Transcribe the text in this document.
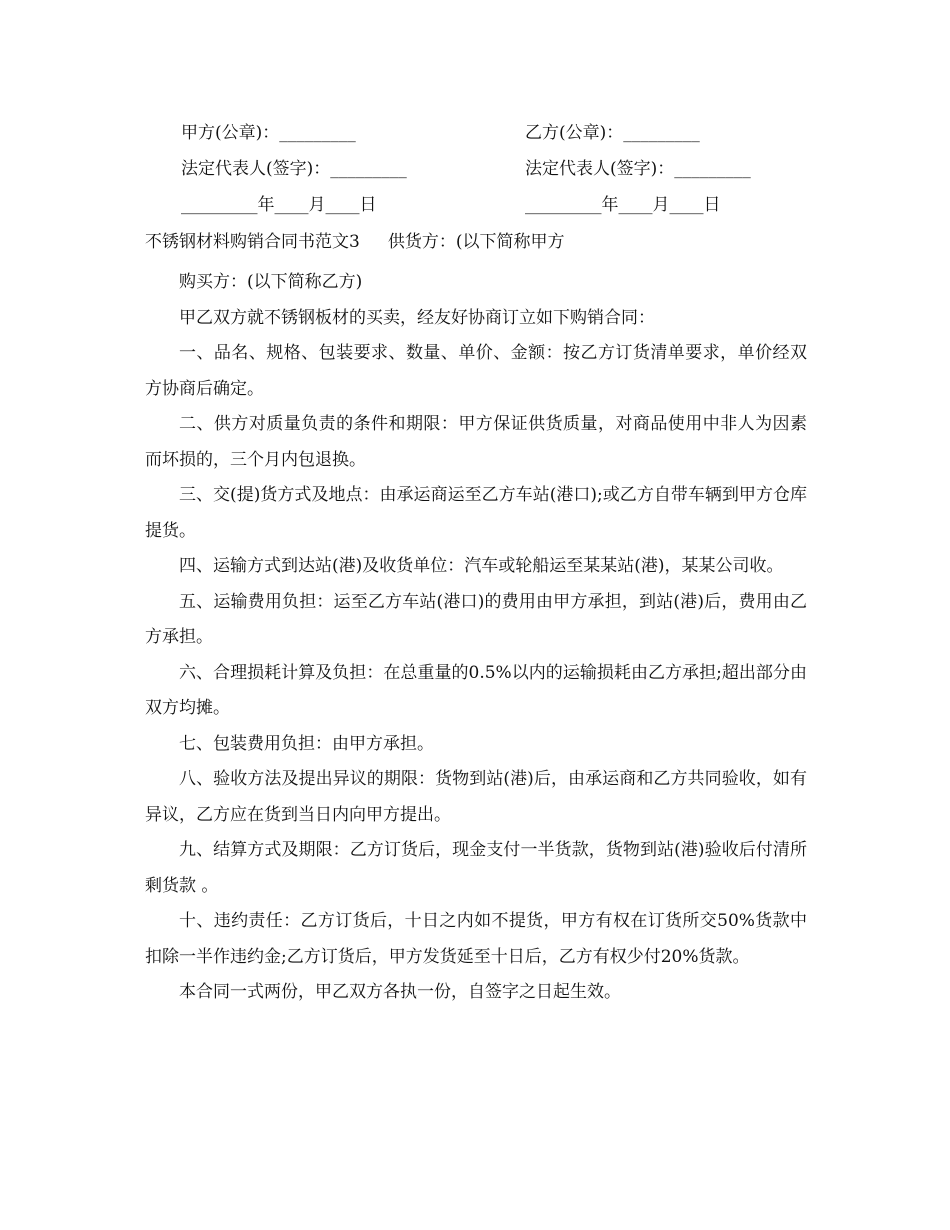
甲方(公章)：_________	乙方(公章)：_________
法定代表人(签字)：_________	法定代表人(签字)：_________
_________年____月____日	_________年____月____日
不锈钢材料购销合同书范文3 供货方：(以下简称甲方

购买方：(以下简称乙方)

甲乙双方就不锈钢板材的买卖，经友好协商订立如下购销合同：

一、品名、规格、包装要求、数量、单价、金额：按乙方订货清单要求，单价经双方协商后确定。

二、供方对质量负责的条件和期限：甲方保证供货质量，对商品使用中非人为因素而坏损的，三个月内包退换。

三、交(提)货方式及地点：由承运商运至乙方车站(港口);或乙方自带车辆到甲方仓库提货。

四、运输方式到达站(港)及收货单位：汽车或轮船运至某某站(港)，某某公司收。

五、运输费用负担：运至乙方车站(港口)的费用由甲方承担，到站(港)后，费用由乙方承担。

六、合理损耗计算及负担：在总重量的0.5%以内的运输损耗由乙方承担;超出部分由双方均摊。

七、包装费用负担：由甲方承担。

八、验收方法及提出异议的期限：货物到站(港)后，由承运商和乙方共同验收，如有异议，乙方应在货到当日内向甲方提出。

九、结算方式及期限：乙方订货后，现金支付一半货款，货物到站(港)验收后付清所剩货款 。

十、违约责任：乙方订货后，十日之内如不提货，甲方有权在订货所交50%货款中扣除一半作违约金;乙方订货后，甲方发货延至十日后，乙方有权少付20%货款。

本合同一式两份，甲乙双方各执一份，自签字之日起生效。
